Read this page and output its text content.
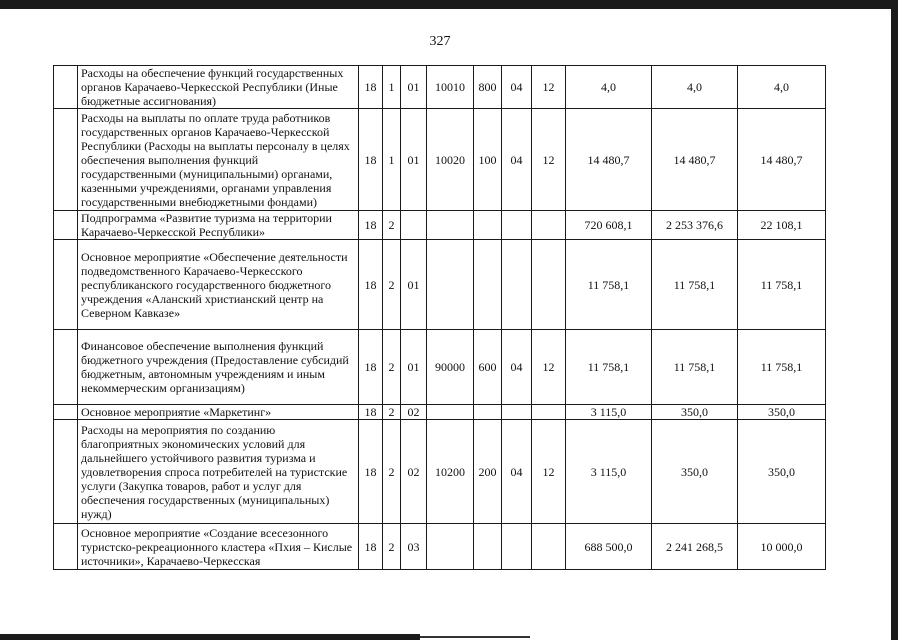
327
	Расходы на обеспечение функций государственных органов Карачаево-Черкесской Республики (Иные бюджетные ассигнования)	18	1	01	10010	800	04	12	4,0	4,0	4,0
	Расходы на выплаты по оплате труда работников государственных органов Карачаево-Черкесской Республики (Расходы на выплаты персоналу в целях обеспечения выполнения функций государственными (муниципальными) органами, казенными учреждениями, органами управления государственными внебюджетными фондами)	18	1	01	10020	100	04	12	14 480,7	14 480,7	14 480,7
	Подпрограмма «Развитие туризма на территории Карачаево-Черкесской Республики»	18	2						720 608,1	2 253 376,6	22 108,1
	Основное мероприятие «Обеспечение деятельности подведомственного Карачаево-Черкесского республиканского государственного бюджетного учреждения «Аланский христианский центр на Северном Кавказе»	18	2	01					11 758,1	11 758,1	11 758,1
	Финансовое обеспечение выполнения функций бюджетного учреждения (Предоставление субсидий бюджетным, автономным учреждениям и иным некоммерческим организациям)	18	2	01	90000	600	04	12	11 758,1	11 758,1	11 758,1
	Основное мероприятие «Маркетинг»	18	2	02					3 115,0	350,0	350,0
	Расходы на мероприятия по созданию благоприятных экономических условий для дальнейшего устойчивого развития туризма и удовлетворения спроса потребителей на туристские услуги (Закупка товаров, работ и услуг для обеспечения государственных (муниципальных) нужд)	18	2	02	10200	200	04	12	3 115,0	350,0	350,0
	Основное мероприятие «Создание всесезонного туристско-рекреационного кластера «Пхия – Кислые источники», Карачаево-Черкесская	18	2	03					688 500,0	2 241 268,5	10 000,0
